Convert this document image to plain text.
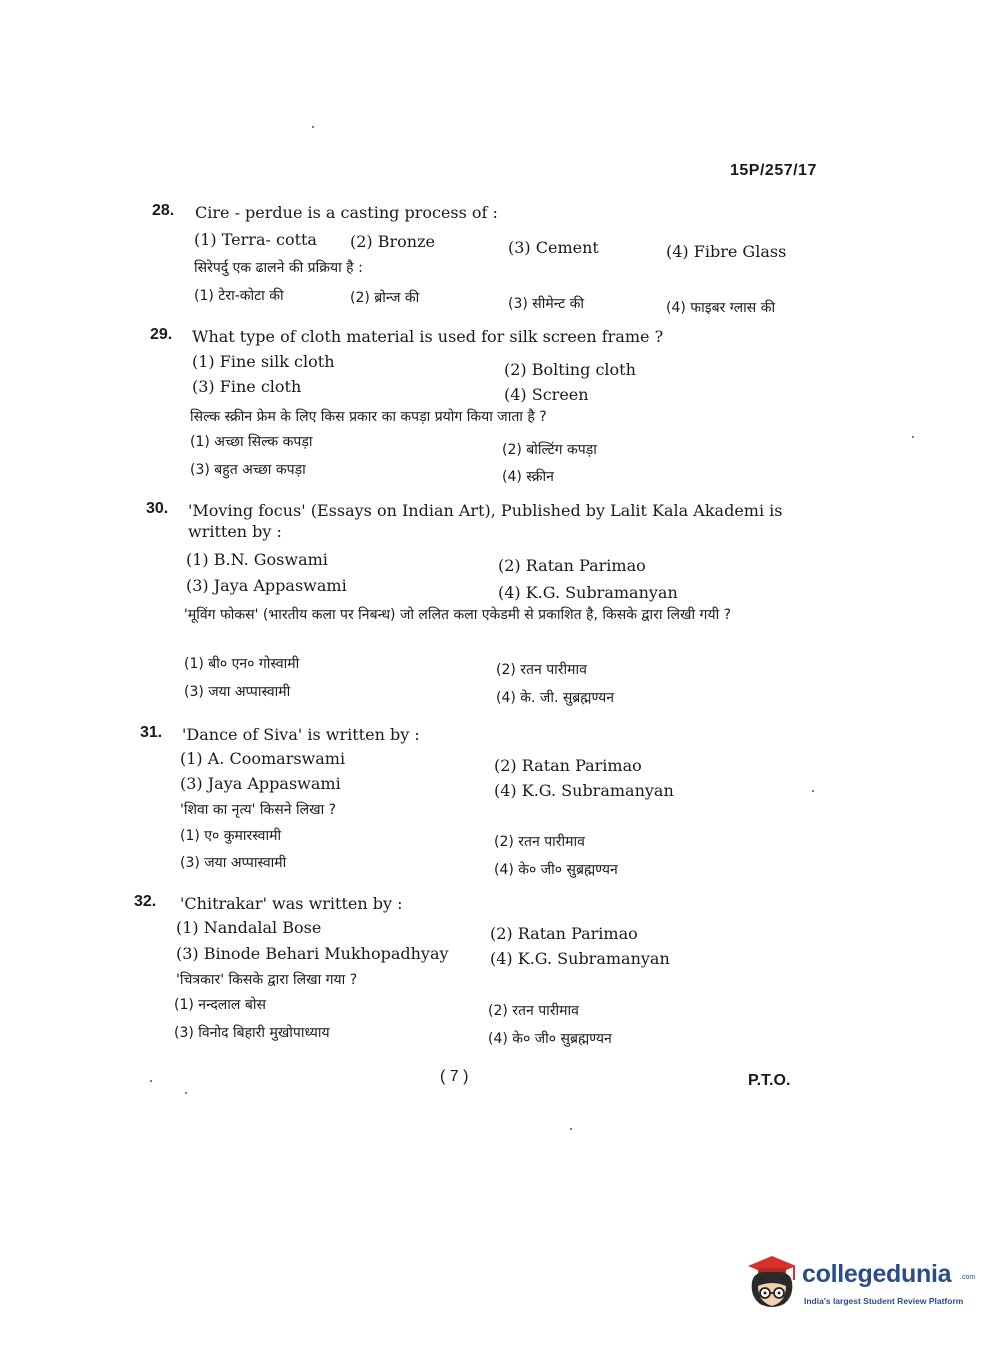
15P/257/17
28. Cire - perdue is a casting process of :
(1) Terra- cotta (2) Bronze	(3) Cement	(4) Fibre Glass
सिरेपर्दु एक ढालने की प्रक्रिया है :
(1) टेरा-कोटा की	(2) ब्रोन्ज की	(3) सीमेन्ट की	(4) फाइबर ग्लास की
29. What type of cloth material is used for silk screen frame ?
(1) Fine silk cloth	(2) Bolting cloth
(3) Fine cloth	(4) Screen
सिल्क स्क्रीन फ्रेम के लिए किस प्रकार का कपड़ा प्रयोग किया जाता है ?
(1) अच्छा सिल्क कपड़ा	(2) बोल्टिंग कपड़ा
(3) बहुत अच्छा कपड़ा	(4) स्क्रीन
30. 'Moving focus' (Essays on Indian Art), Published by Lalit Kala Akademi is written by :
(1) B.N. Goswami	(2) Ratan Parimao
(3) Jaya Appaswami	(4) K.G. Subramanyan
'मूविंग फोकस' (भारतीय कला पर निबन्ध) जो ललित कला एकेडमी से प्रकाशित है, किसके द्वारा लिखी गयी ?
(1) बी० एन० गोस्वामी	(2) रतन पारीमाव
(3) जया अप्पास्वामी	(4) के. जी. सुब्रह्मण्यन
31. 'Dance of Siva' is written by :
(1) A. Coomarswami	(2) Ratan Parimao
(3) Jaya Appaswami	(4) K.G. Subramanyan
'शिवा का नृत्य' किसने लिखा ?
(1) ए० कुमारस्वामी	(2) रतन पारीमाव
(3) जया अप्पास्वामी	(4) के० जी० सुब्रह्मण्यन
32. 'Chitrakar' was written by :
(1) Nandalal Bose	(2) Ratan Parimao
(3) Binode Behari Mukhopadhyay	(4) K.G. Subramanyan
'चित्रकार' किसके द्वारा लिखा गया ?
(1) नन्दलाल बोस	(2) रतन पारीमाव
(3) विनोद बिहारी मुखोपाध्याय	(4) के० जी० सुब्रह्मण्यन
( 7 )	P.T.O.
collegedunia .com
India's largest Student Review Platform
